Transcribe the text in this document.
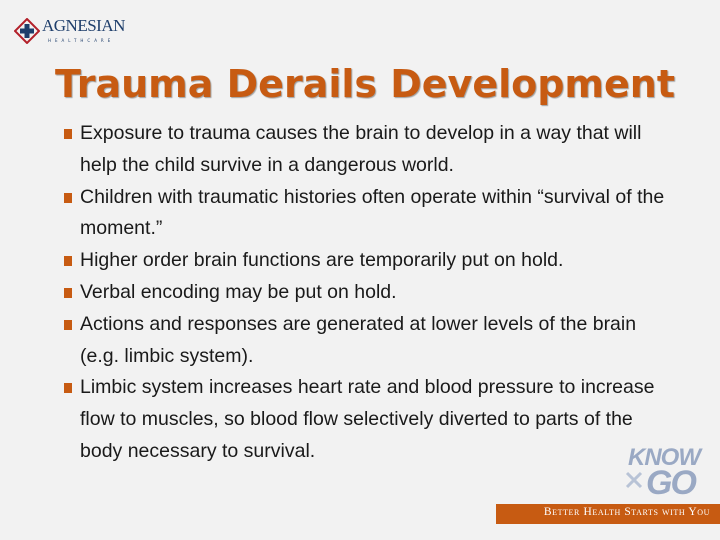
AGNESIAN
HEALTHCARE
Trauma Derails Development
Exposure to trauma causes the brain to develop in a way that will help the child survive in a dangerous world.
Children with traumatic histories often operate within “survival of the moment.”
Higher order brain functions are temporarily put on hold.
Verbal encoding may be put on hold.
Actions and responses are generated at lower levels of the brain (e.g. limbic system).
Limbic system increases heart rate and blood pressure to increase flow to muscles, so blood flow selectively diverted to parts of the body necessary to survival.	KNOW
GO
Better Health Starts with You
